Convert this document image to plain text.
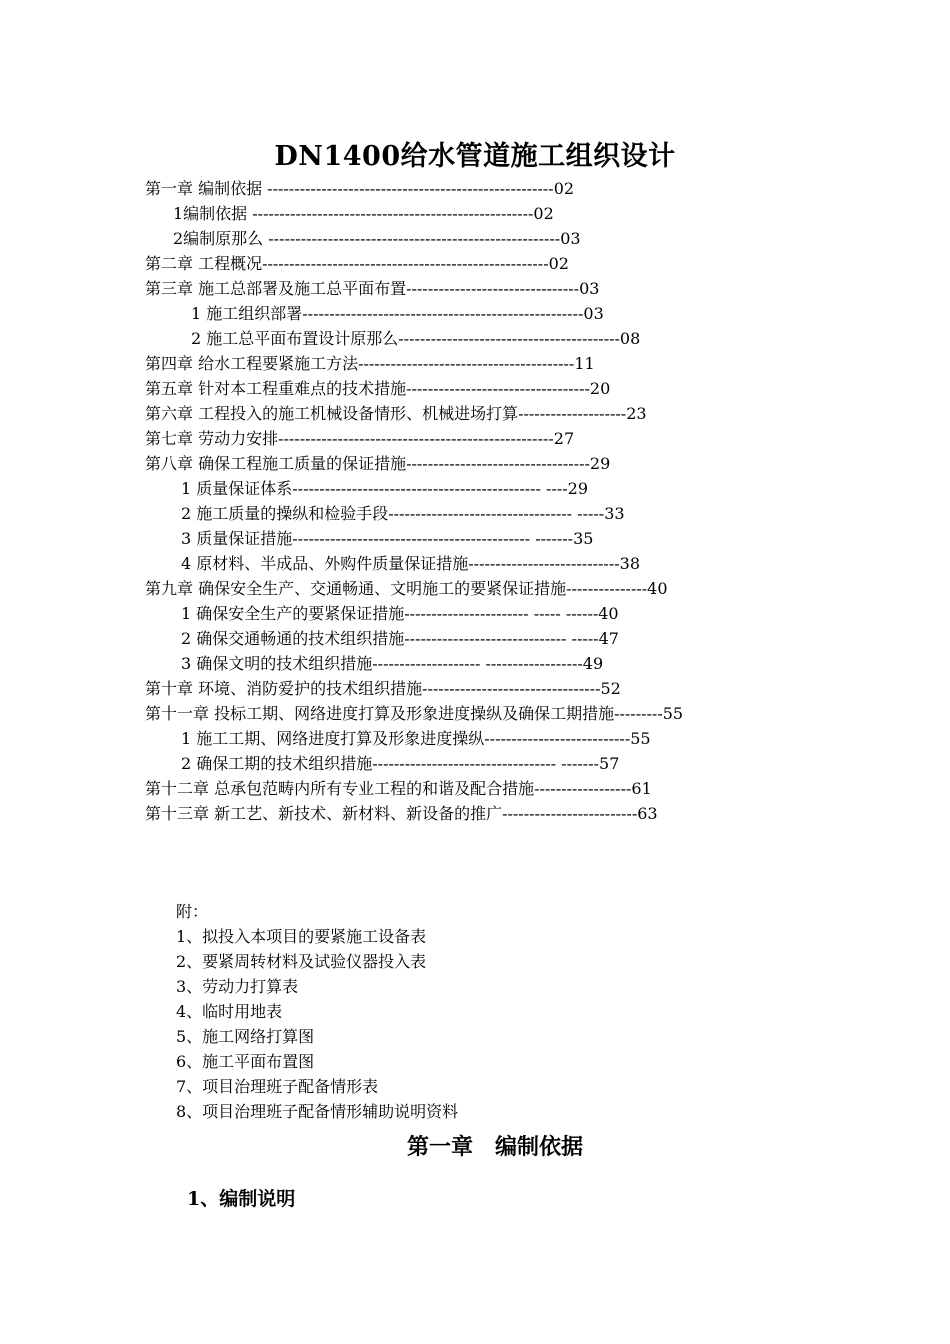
DN1400给水管道施工组织设计
第一章 编制依据 -----------------------------------------------------02
1编制依据 ----------------------------------------------------02
2编制原那么 ------------------------------------------------------03
第二章 工程概况-----------------------------------------------------02
第三章 施工总部署及施工总平面布置--------------------------------03
1 施工组织部署----------------------------------------------------03
2 施工总平面布置设计原那么-----------------------------------------08
第四章 给水工程要紧施工方法----------------------------------------11
第五章 针对本工程重难点的技术措施----------------------------------20
第六章 工程投入的施工机械设备情形、机械进场打算--------------------23
第七章 劳动力安排---------------------------------------------------27
第八章 确保工程施工质量的保证措施----------------------------------29
1 质量保证体系---------------------------------------------- ----29
2 施工质量的操纵和检验手段---------------------------------- -----33
3 质量保证措施-------------------------------------------- -------35
4 原材料、半成品、外购件质量保证措施----------------------------38
第九章 确保安全生产、交通畅通、文明施工的要紧保证措施---------------40
1 确保安全生产的要紧保证措施----------------------- ----- ------40
2 确保交通畅通的技术组织措施------------------------------ -----47
3 确保文明的技术组织措施-------------------- ------------------49
第十章 环境、消防爱护的技术组织措施---------------------------------52
第十一章 投标工期、网络进度打算及形象进度操纵及确保工期措施---------55
1 施工工期、网络进度打算及形象进度操纵---------------------------55
2 确保工期的技术组织措施---------------------------------- -------57
第十二章 总承包范畴内所有专业工程的和谐及配合措施------------------61
第十三章 新工艺、新技术、新材料、新设备的推广-------------------------63
附：
1、拟投入本项目的要紧施工设备表
2、要紧周转材料及试验仪器投入表
3、劳动力打算表
4、临时用地表
5、施工网络打算图
6、施工平面布置图
7、项目治理班子配备情形表
8、项目治理班子配备情形辅助说明资料
第一章　编制依据
1、编制说明
